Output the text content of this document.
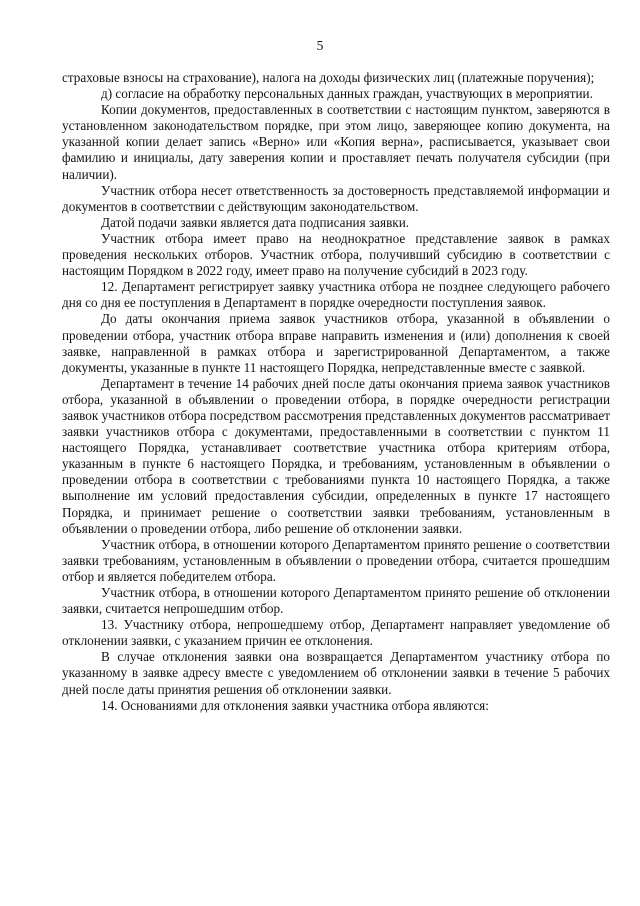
5

страховые взносы на страхование), налога на доходы физических лиц (платежные поручения);

д) согласие на обработку персональных данных граждан, участвующих в мероприятии.

Копии документов, предоставленных в соответствии с настоящим пунктом, заверяются в установленном законодательством порядке, при этом лицо, заверяющее копию документа, на указанной копии делает запись «Верно» или «Копия верна», расписывается, указывает свои фамилию и инициалы, дату заверения копии и проставляет печать получателя субсидии (при наличии).

Участник отбора несет ответственность за достоверность представляемой информации и документов в соответствии с действующим законодательством.

Датой подачи заявки является дата подписания заявки.

Участник отбора имеет право на неоднократное представление заявок в рамках проведения нескольких отборов. Участник отбора, получивший субсидию в соответствии с настоящим Порядком в 2022 году, имеет право на получение субсидий в 2023 году.

12. Департамент регистрирует заявку участника отбора не позднее следующего рабочего дня со дня ее поступления в Департамент в порядке очередности поступления заявок.

До даты окончания приема заявок участников отбора, указанной в объявлении о проведении отбора, участник отбора вправе направить изменения и (или) дополнения к своей заявке, направленной в рамках отбора и зарегистрированной Департаментом, а также документы, указанные в пункте 11 настоящего Порядка, непредставленные вместе с заявкой.

Департамент в течение 14 рабочих дней после даты окончания приема заявок участников отбора, указанной в объявлении о проведении отбора, в порядке очередности регистрации заявок участников отбора посредством рассмотрения представленных документов рассматривает заявки участников отбора с документами, предоставленными в соответствии с пунктом 11 настоящего Порядка, устанавливает соответствие участника отбора критериям отбора, указанным в пункте 6 настоящего Порядка, и требованиям, установленным в объявлении о проведении отбора в соответствии с требованиями пункта 10 настоящего Порядка, а также выполнение им условий предоставления субсидии, определенных в пункте 17 настоящего Порядка, и принимает решение о соответствии заявки требованиям, установленным в объявлении о проведении отбора, либо решение об отклонении заявки.

Участник отбора, в отношении которого Департаментом принято решение о соответствии заявки требованиям, установленным в объявлении о проведении отбора, считается прошедшим отбор и является победителем отбора.

Участник отбора, в отношении которого Департаментом принято решение об отклонении заявки, считается непрошедшим отбор.

13. Участнику отбора, непрошедшему отбор, Департамент направляет уведомление об отклонении заявки, с указанием причин ее отклонения.

В случае отклонения заявки она возвращается Департаментом участнику отбора по указанному в заявке адресу вместе с уведомлением об отклонении заявки в течение 5 рабочих дней после даты принятия решения об отклонении заявки.

14. Основаниями для отклонения заявки участника отбора являются:
